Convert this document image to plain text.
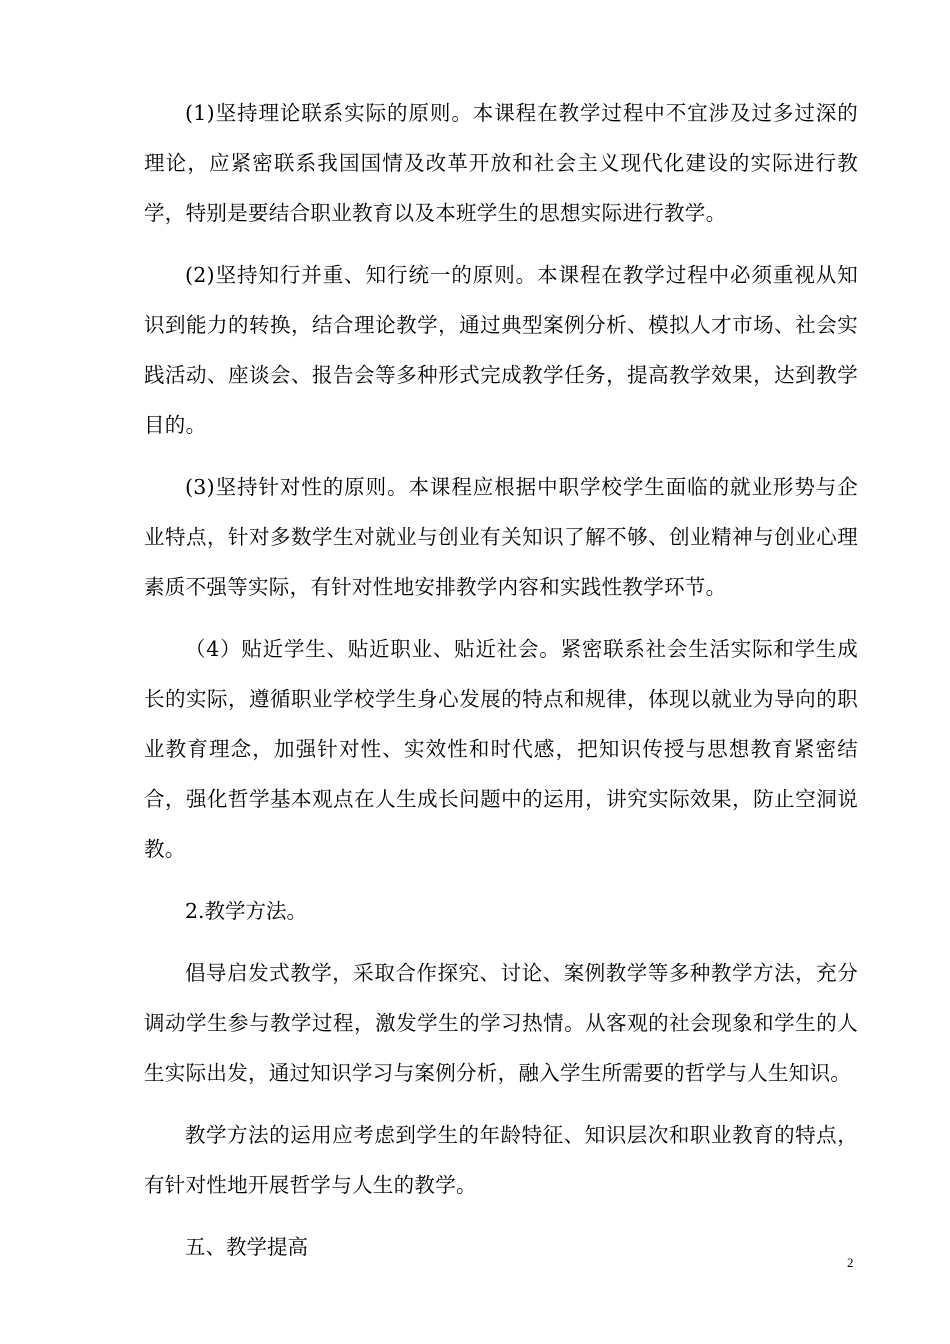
(1)坚持理论联系实际的原则。本课程在教学过程中不宜涉及过多过深的理论，应紧密联系我国国情及改革开放和社会主义现代化建设的实际进行教学，特别是要结合职业教育以及本班学生的思想实际进行教学。

(2)坚持知行并重、知行统一的原则。本课程在教学过程中必须重视从知识到能力的转换，结合理论教学，通过典型案例分析、模拟人才市场、社会实践活动、座谈会、报告会等多种形式完成教学任务，提高教学效果，达到教学目的。

(3)坚持针对性的原则。本课程应根据中职学校学生面临的就业形势与企业特点，针对多数学生对就业与创业有关知识了解不够、创业精神与创业心理素质不强等实际，有针对性地安排教学内容和实践性教学环节。

（4）贴近学生、贴近职业、贴近社会。紧密联系社会生活实际和学生成长的实际，遵循职业学校学生身心发展的特点和规律，体现以就业为导向的职业教育理念，加强针对性、实效性和时代感，把知识传授与思想教育紧密结合，强化哲学基本观点在人生成长问题中的运用，讲究实际效果，防止空洞说教。

2.教学方法。

倡导启发式教学，采取合作探究、讨论、案例教学等多种教学方法，充分调动学生参与教学过程，激发学生的学习热情。从客观的社会现象和学生的人生实际出发，通过知识学习与案例分析，融入学生所需要的哲学与人生知识。

教学方法的运用应考虑到学生的年龄特征、知识层次和职业教育的特点，有针对性地开展哲学与人生的教学。

五、教学提高

2
